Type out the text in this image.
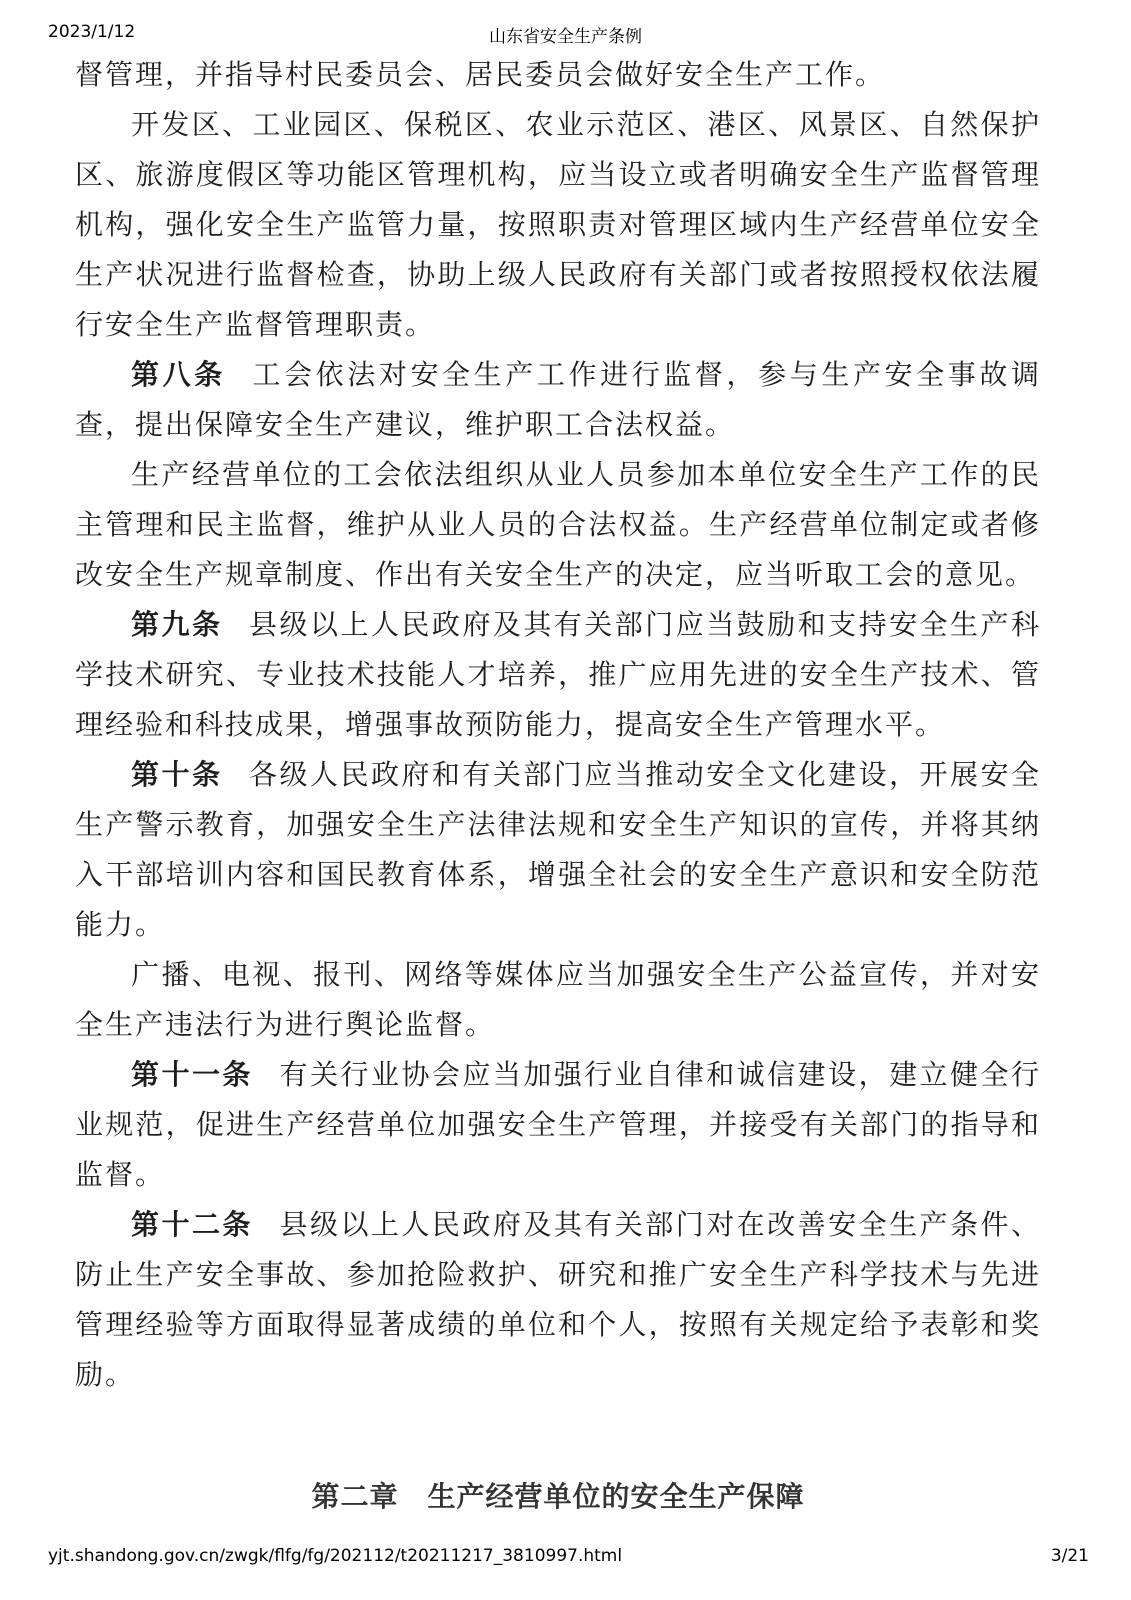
2023/1/12	山东省安全生产条例

督管理，并指导村民委员会、居民委员会做好安全生产工作。

开发区、工业园区、保税区、农业示范区、港区、风景区、自然保护区、旅游度假区等功能区管理机构，应当设立或者明确安全生产监督管理机构，强化安全生产监管力量，按照职责对管理区域内生产经营单位安全生产状况进行监督检查，协助上级人民政府有关部门或者按照授权依法履行安全生产监督管理职责。

第八条 工会依法对安全生产工作进行监督，参与生产安全事故调查，提出保障安全生产建议，维护职工合法权益。

生产经营单位的工会依法组织从业人员参加本单位安全生产工作的民主管理和民主监督，维护从业人员的合法权益。生产经营单位制定或者修改安全生产规章制度、作出有关安全生产的决定，应当听取工会的意见。

第九条 县级以上人民政府及其有关部门应当鼓励和支持安全生产科学技术研究、专业技术技能人才培养，推广应用先进的安全生产技术、管理经验和科技成果，增强事故预防能力，提高安全生产管理水平。

第十条 各级人民政府和有关部门应当推动安全文化建设，开展安全生产警示教育，加强安全生产法律法规和安全生产知识的宣传，并将其纳入干部培训内容和国民教育体系，增强全社会的安全生产意识和安全防范能力。

广播、电视、报刊、网络等媒体应当加强安全生产公益宣传，并对安全生产违法行为进行舆论监督。

第十一条 有关行业协会应当加强行业自律和诚信建设，建立健全行业规范，促进生产经营单位加强安全生产管理，并接受有关部门的指导和监督。

第十二条 县级以上人民政府及其有关部门对在改善安全生产条件、防止生产安全事故、参加抢险救护、研究和推广安全生产科学技术与先进管理经验等方面取得显著成绩的单位和个人，按照有关规定给予表彰和奖励。

第二章　生产经营单位的安全生产保障
yjt.shandong.gov.cn/zwgk/flfg/fg/202112/t20211217_3810997.html	3/21
